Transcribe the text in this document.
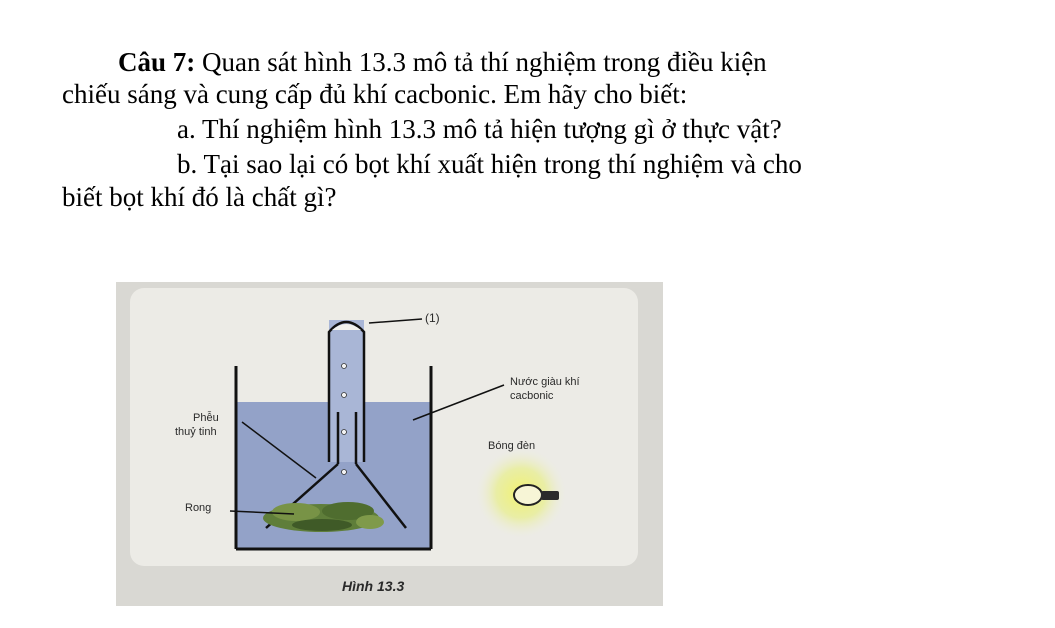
Câu 7: Quan sát hình 13.3 mô tả thí nghiệm trong điều kiện
chiếu sáng và cung cấp đủ khí cacbonic. Em hãy cho biết:
a. Thí nghiệm hình 13.3 mô tả hiện tượng gì ở thực vật?
b. Tại sao lại có bọt khí xuất hiện trong thí nghiệm và cho
biết bọt khí đó là chất gì?
(1)
Nước giàu khí
cacbonic
Phễu
thuỷ tinh
Bóng đèn
Rong
Hình 13.3
